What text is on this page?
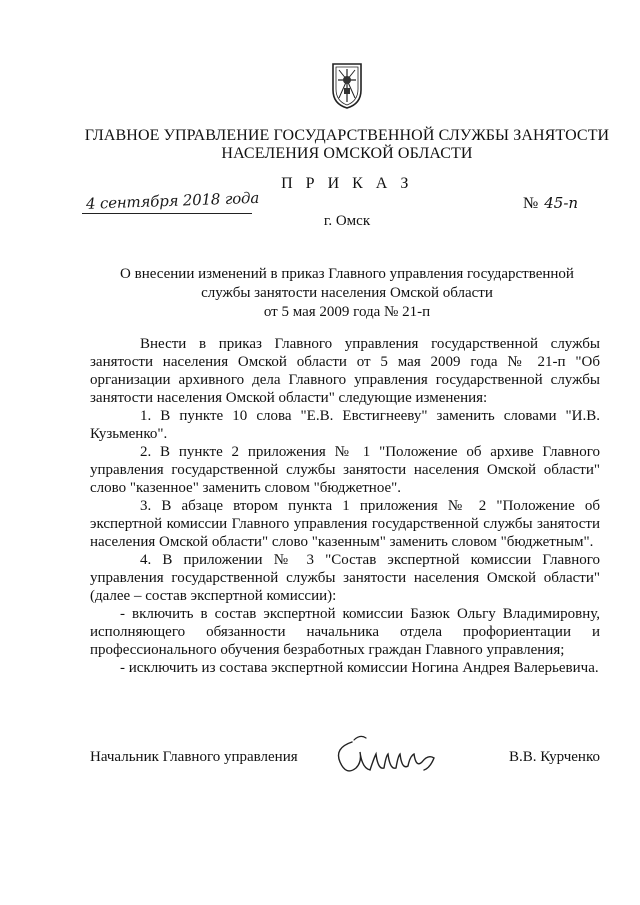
ГЛАВНОЕ УПРАВЛЕНИЕ ГОСУДАРСТВЕННОЙ СЛУЖБЫ ЗАНЯТОСТИ
НАСЕЛЕНИЯ ОМСКОЙ ОБЛАСТИ
П Р И К А З
4 сентября 2018 года	№ 45-п
г. Омск
О внесении изменений в приказ Главного управления государственной
службы занятости населения Омской области
от 5 мая 2009 года № 21-п

Внести в приказ Главного управления государственной службы занятости населения Омской области от 5 мая 2009 года № 21-п "Об организации архивного дела Главного управления государственной службы занятости населения Омской области" следующие изменения:

1. В пункте 10 слова "Е.В. Евстигнееву" заменить словами "И.В. Кузьменко".

2. В пункте 2 приложения № 1 "Положение об архиве Главного управления государственной службы занятости населения Омской области" слово "казенное" заменить словом "бюджетное".

3. В абзаце втором пункта 1 приложения № 2 "Положение об экспертной комиссии Главного управления государственной службы занятости населения Омской области" слово "казенным" заменить словом "бюджетным".

4. В приложении № 3 "Состав экспертной комиссии Главного управления государственной службы занятости населения Омской области" (далее – состав экспертной комиссии):

- включить в состав экспертной комиссии Базюк Ольгу Владимировну, исполняющего обязанности начальника отдела профориентации и профессионального обучения безработных граждан Главного управления;

- исключить из состава экспертной комиссии Ногина Андрея Валерьевича.

Начальник Главного управления	В.В. Курченко
